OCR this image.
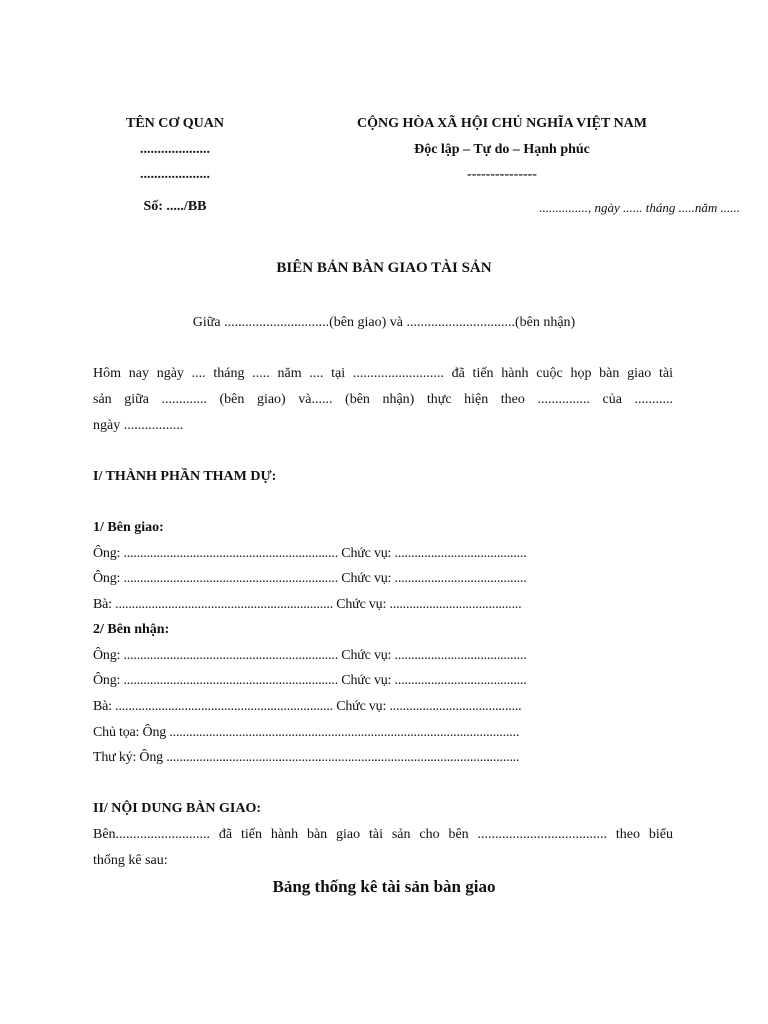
TÊN CƠ QUAN
....................
....................
Số: ...../BB
CỘNG HÒA XÃ HỘI CHỦ NGHĨA VIỆT NAM
Độc lập – Tự do – Hạnh phúc
---------------
..............., ngày ...... tháng .....năm ......
BIÊN BẢN BÀN GIAO TÀI SẢN
Giữa ..............................(bên giao) và ...............................(bên nhận)
Hôm nay ngày .... tháng ..... năm .... tại .......................... đã tiến hành cuộc họp bàn giao tài
sản giữa ............. (bên giao) và...... (bên nhận) thực hiện theo ............... của ...........
ngày .................
I/ THÀNH PHẦN THAM DỰ:
1/ Bên giao:
Ông: ................................................................. Chức vụ: ........................................
Ông: ................................................................. Chức vụ: ........................................
Bà: .................................................................. Chức vụ: ........................................
2/ Bên nhận:
Ông: ................................................................. Chức vụ: ........................................
Ông: ................................................................. Chức vụ: ........................................
Bà: .................................................................. Chức vụ: ........................................
Chủ tọa: Ông ..........................................................................................................
Thư ký: Ông ...........................................................................................................
II/ NỘI DUNG BÀN GIAO:
Bên........................... đã tiến hành bàn giao tài sản cho bên ..................................... theo biểu
thống kê sau:
Bảng thống kê tài sản bàn giao
